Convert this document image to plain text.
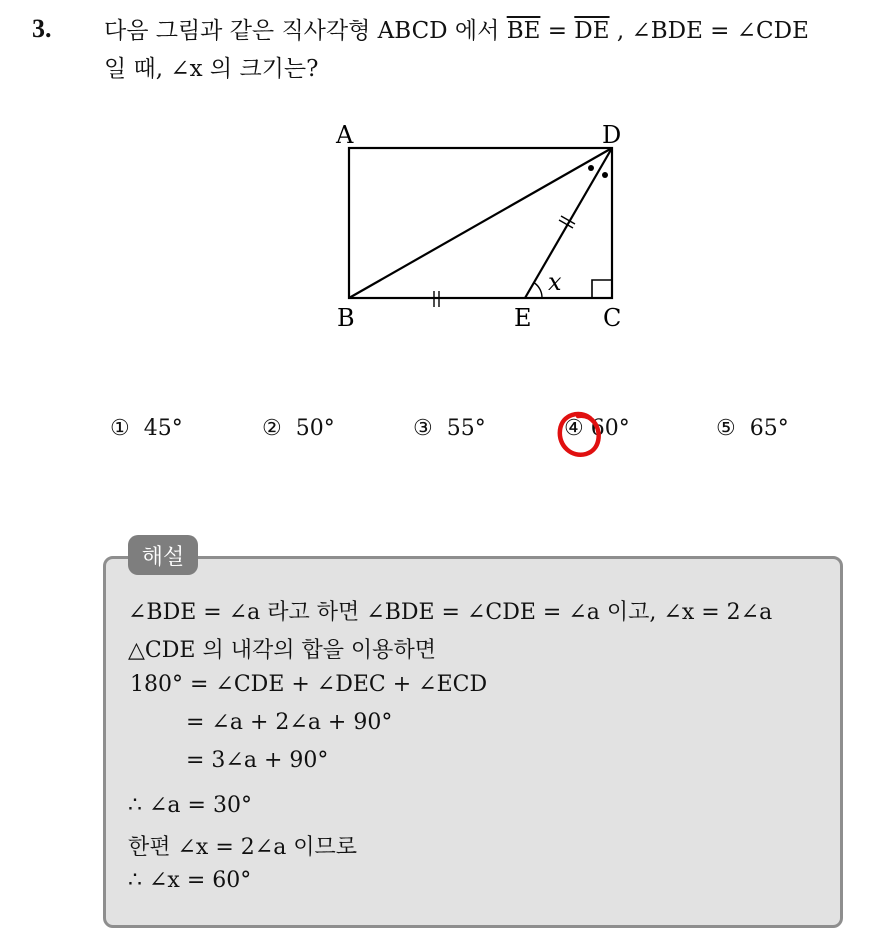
3. 다음 그림과 같은 직사각형 ABCD 에서 $\overline{BE} = \overline{DE}$ , ∠BDE = ∠CDE
일 때, ∠x 의 크기는?
A
B	C
D
E
x
① 45°	② 50°	③ 55°	④ 60°	⑤ 65°
해설
∠BDE = ∠a 라고 하면 ∠BDE = ∠CDE = ∠a 이고, ∠x = 2∠a
△CDE 의 내각의 합을 이용하면
180° = ∠CDE + ∠DEC + ∠ECD
= ∠a + 2∠a + 90°
= 3∠a + 90°
∴ ∠a = 30°
한편 ∠x = 2∠a 이므로
∴ ∠x = 60°
